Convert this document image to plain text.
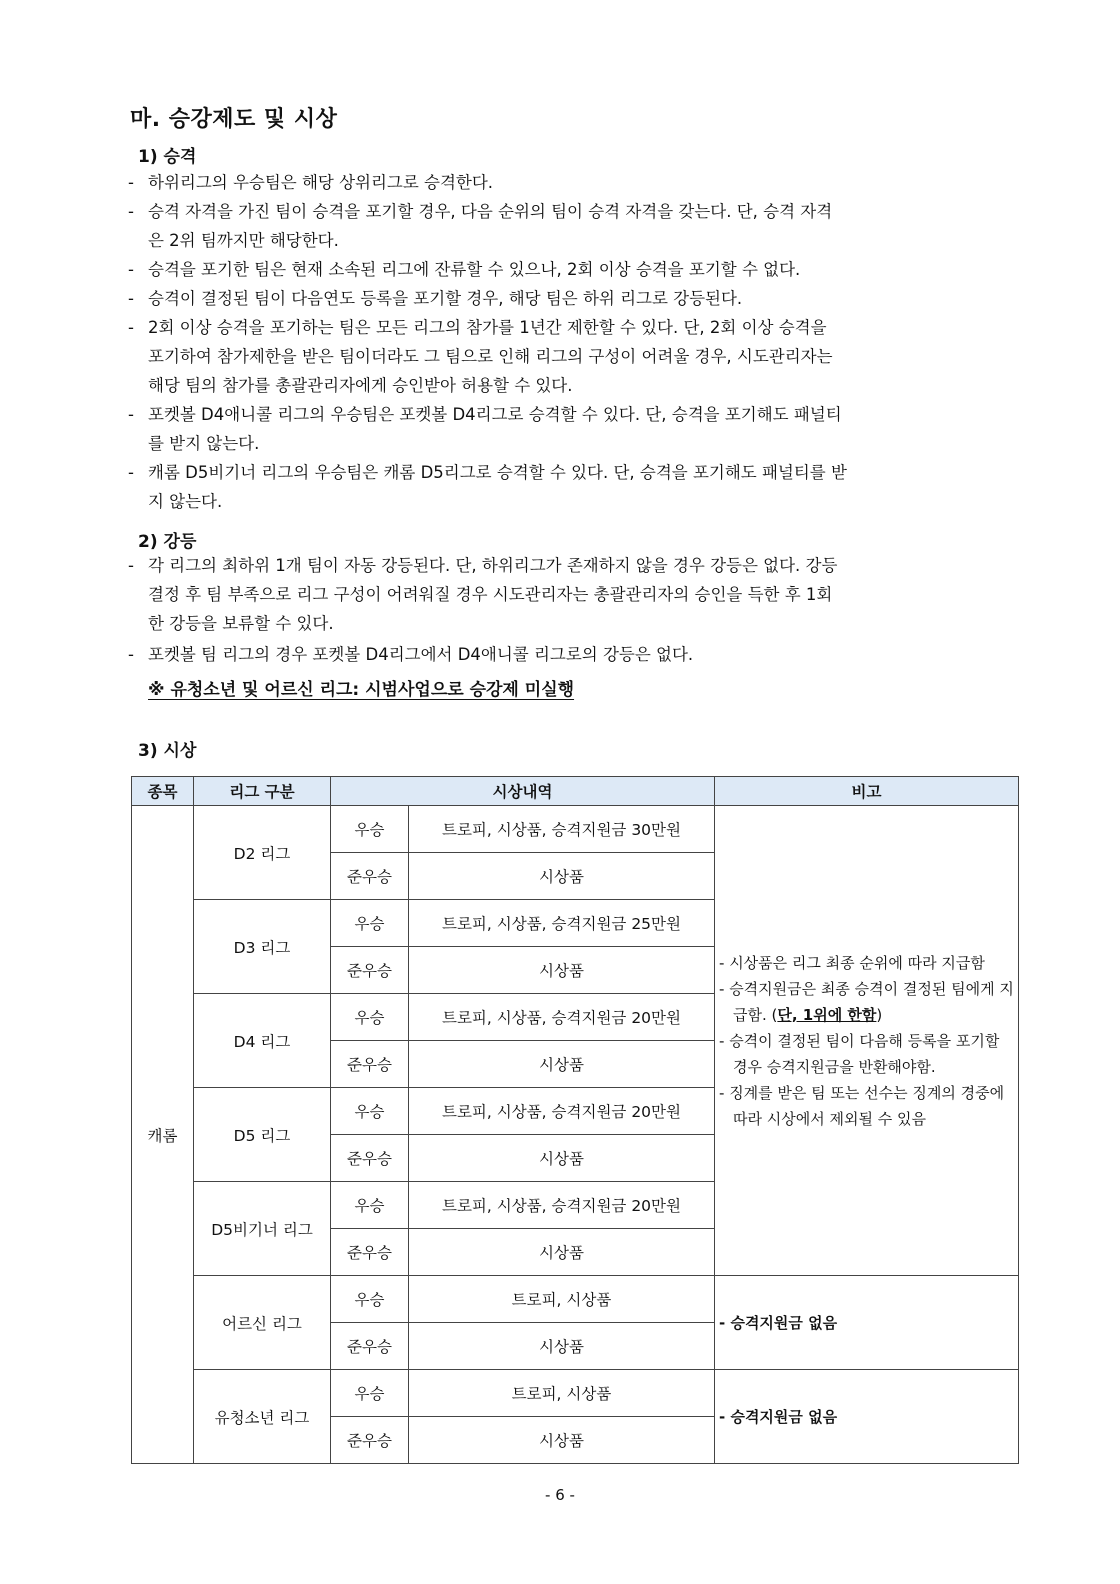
마. 승강제도 및 시상
1) 승격
- 하위리그의 우승팀은 해당 상위리그로 승격한다.
- 승격 자격을 가진 팀이 승격을 포기할 경우, 다음 순위의 팀이 승격 자격을 갖는다. 단, 승격 자격
은 2위 팀까지만 해당한다.
- 승격을 포기한 팀은 현재 소속된 리그에 잔류할 수 있으나, 2회 이상 승격을 포기할 수 없다.
- 승격이 결정된 팀이 다음연도 등록을 포기할 경우, 해당 팀은 하위 리그로 강등된다.
- 2회 이상 승격을 포기하는 팀은 모든 리그의 참가를 1년간 제한할 수 있다. 단, 2회 이상 승격을
포기하여 참가제한을 받은 팀이더라도 그 팀으로 인해 리그의 구성이 어려울 경우, 시도관리자는
해당 팀의 참가를 총괄관리자에게 승인받아 허용할 수 있다.
- 포켓볼 D4애니콜 리그의 우승팀은 포켓볼 D4리그로 승격할 수 있다. 단, 승격을 포기해도 패널티
를 받지 않는다.
- 캐롬 D5비기너 리그의 우승팀은 캐롬 D5리그로 승격할 수 있다. 단, 승격을 포기해도 패널티를 받
지 않는다.
2) 강등
- 각 리그의 최하위 1개 팀이 자동 강등된다. 단, 하위리그가 존재하지 않을 경우 강등은 없다. 강등
결정 후 팀 부족으로 리그 구성이 어려워질 경우 시도관리자는 총괄관리자의 승인을 득한 후 1회
한 강등을 보류할 수 있다.
- 포켓볼 팀 리그의 경우 포켓볼 D4리그에서 D4애니콜 리그로의 강등은 없다.
※ 유청소년 및 어르신 리그: 시범사업으로 승강제 미실행
3) 시상
종목	리그 구분	시상내역		비고
캐롬	D2 리그	우승	트로피, 시상품, 승격지원금 30만원	- 시상품은 리그 최종 순위에 따라 지급함
- 승격지원금은 최종 승격이 결정된 팀에게 지급함. (단, 1위에 한함)
- 승격이 결정된 팀이 다음해 등록을 포기할 경우 승격지원금을 반환해야함.
- 징계를 받은 팀 또는 선수는 징계의 경중에 따라 시상에서 제외될 수 있음

		준우승	시상품	
	D3 리그	우승	트로피, 시상품, 승격지원금 25만원	
		준우승	시상품	
	D4 리그	우승	트로피, 시상품, 승격지원금 20만원	
		준우승	시상품	
	D5 리그	우승	트로피, 시상품, 승격지원금 20만원	
		준우승	시상품	
	D5비기너 리그	우승	트로피, 시상품, 승격지원금 20만원	
		준우승	시상품	
	어르신 리그	우승	트로피, 시상품	- 승격지원금 없음

		준우승	시상품	
	유청소년 리그	우승	트로피, 시상품	- 승격지원금 없음

		준우승	시상품	
- 6 -
